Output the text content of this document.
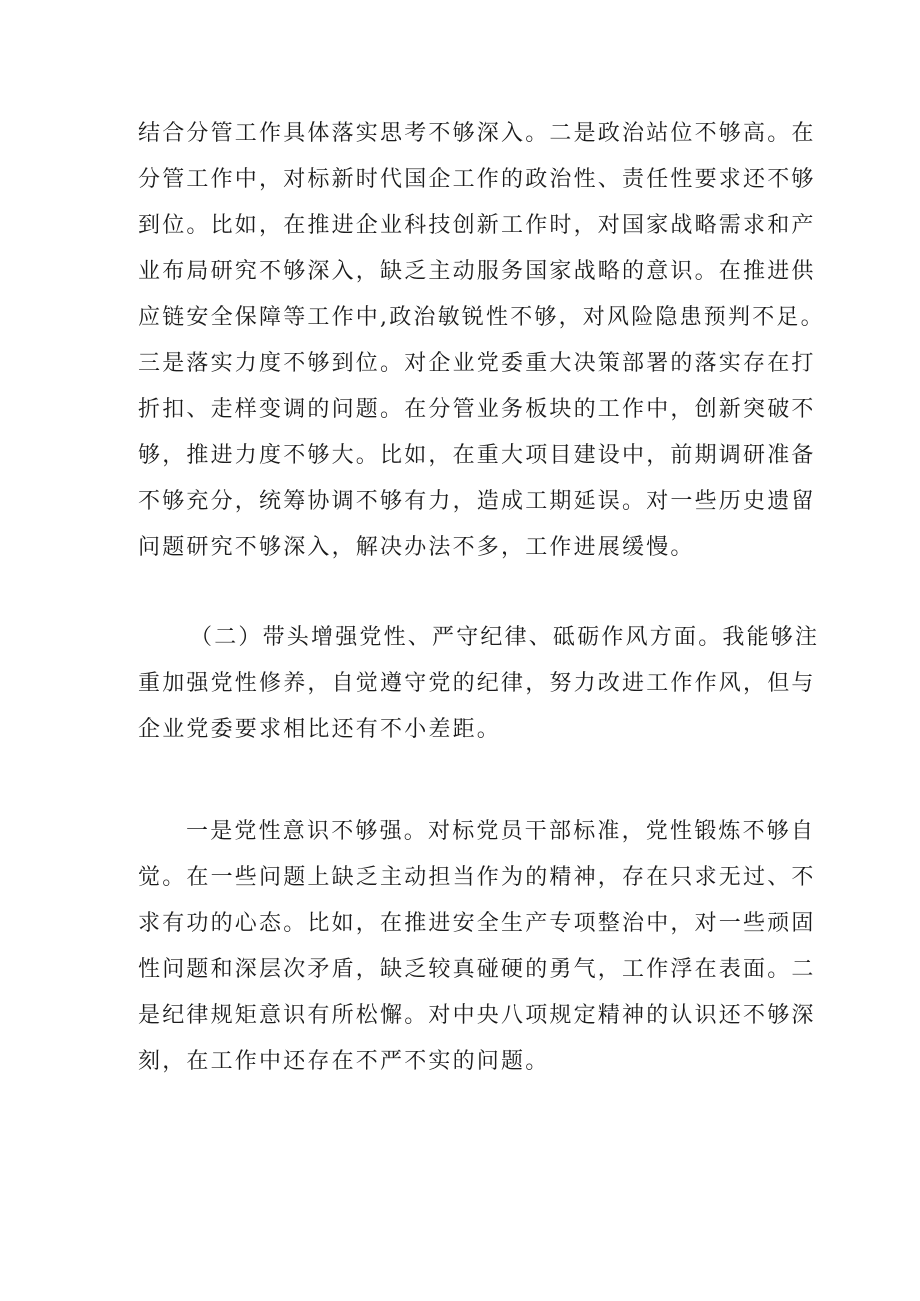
结合分管工作具体落实思考不够深入。二是政治站位不够高。在
分管工作中，对标新时代国企工作的政治性、责任性要求还不够
到位。比如，在推进企业科技创新工作时，对国家战略需求和产
业布局研究不够深入，缺乏主动服务国家战略的意识。在推进供
应链安全保障等工作中,政治敏锐性不够，对风险隐患预判不足。
三是落实力度不够到位。对企业党委重大决策部署的落实存在打
折扣、走样变调的问题。在分管业务板块的工作中，创新突破不
够，推进力度不够大。比如，在重大项目建设中，前期调研准备
不够充分，统筹协调不够有力，造成工期延误。对一些历史遗留
问题研究不够深入，解决办法不多，工作进展缓慢。
（二）带头增强党性、严守纪律、砥砺作风方面。我能够注
重加强党性修养，自觉遵守党的纪律，努力改进工作作风，但与
企业党委要求相比还有不小差距。
一是党性意识不够强。对标党员干部标准，党性锻炼不够自
觉。在一些问题上缺乏主动担当作为的精神，存在只求无过、不
求有功的心态。比如，在推进安全生产专项整治中，对一些顽固
性问题和深层次矛盾，缺乏较真碰硬的勇气，工作浮在表面。二
是纪律规矩意识有所松懈。对中央八项规定精神的认识还不够深
刻，在工作中还存在不严不实的问题。
